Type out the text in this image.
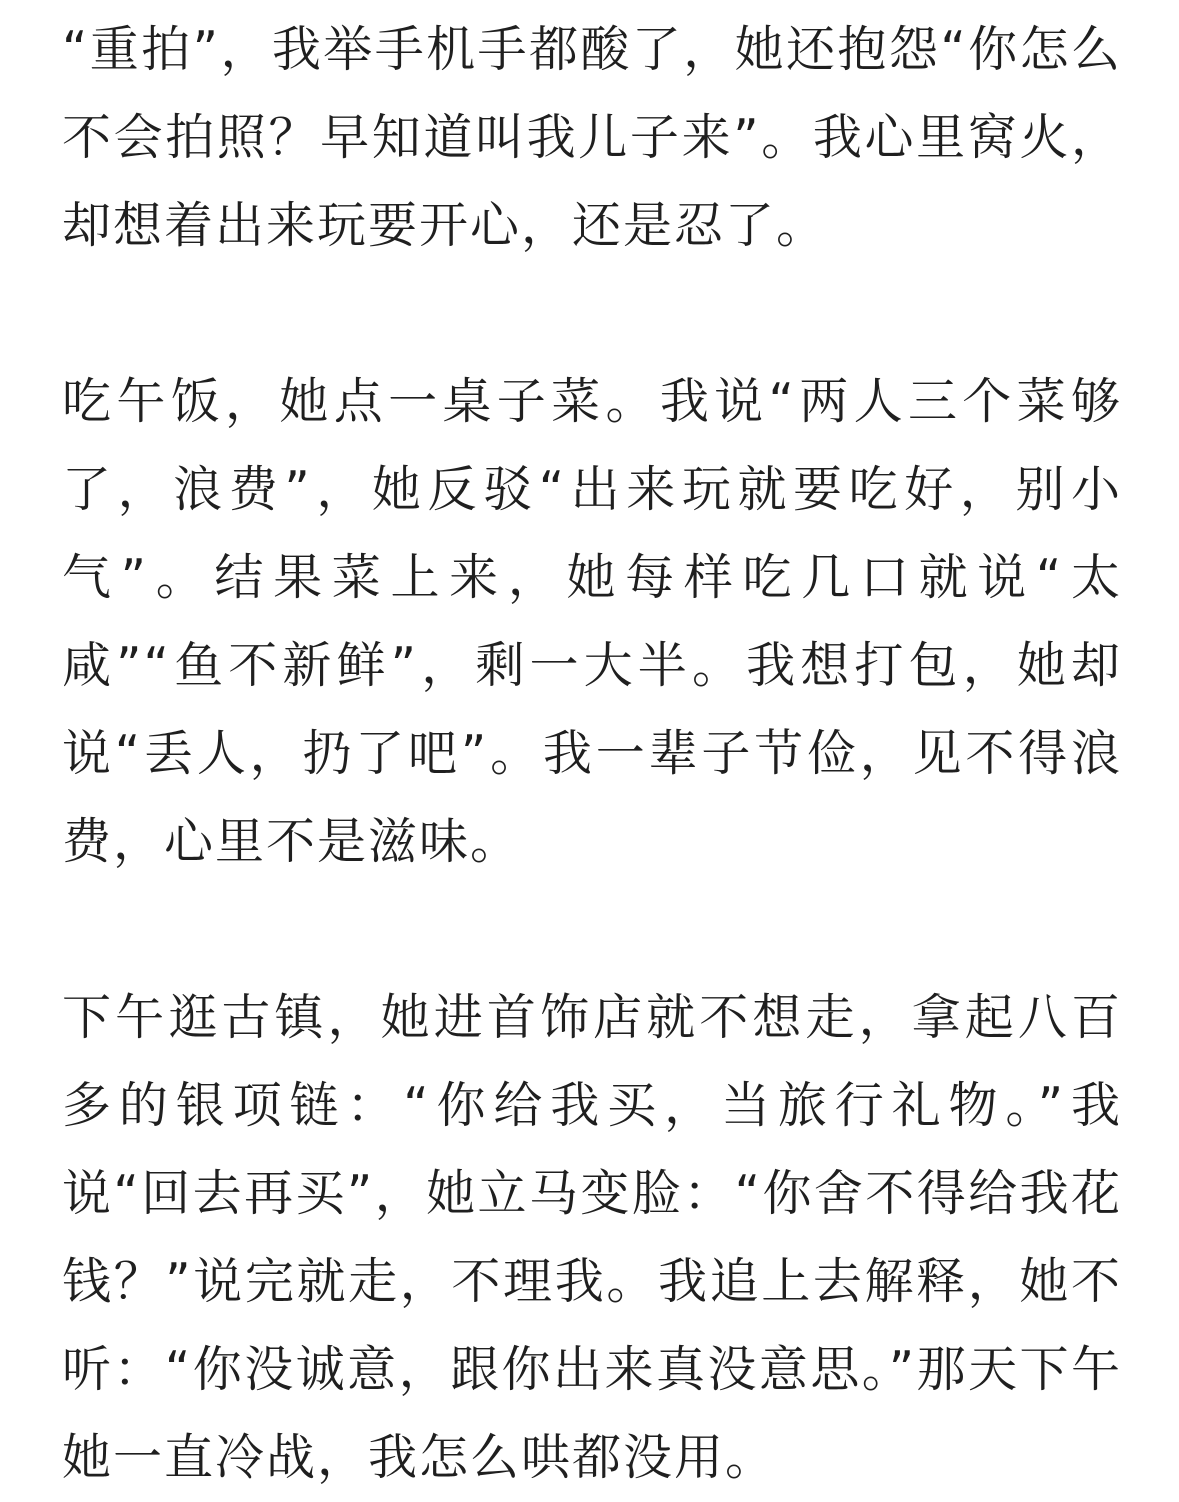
“重拍”，我举手机手都酸了，她还抱怨“你怎么不会拍照？早知道叫我儿子来”。我心里窝火，却想着出来玩要开心，还是忍了。

吃午饭，她点一桌子菜。我说“两人三个菜够了，浪费”，她反驳“出来玩就要吃好，别小气”。结果菜上来，她每样吃几口就说“太咸”“鱼不新鲜”，剩一大半。我想打包，她却说“丢人，扔了吧”。我一辈子节俭，见不得浪费，心里不是滋味。

下午逛古镇，她进首饰店就不想走，拿起八百多的银项链：“你给我买，当旅行礼物。”我说“回去再买”，她立马变脸：“你舍不得给我花钱？”说完就走，不理我。我追上去解释，她不听：“你没诚意，跟你出来真没意思。”那天下午她一直冷战，我怎么哄都没用。
